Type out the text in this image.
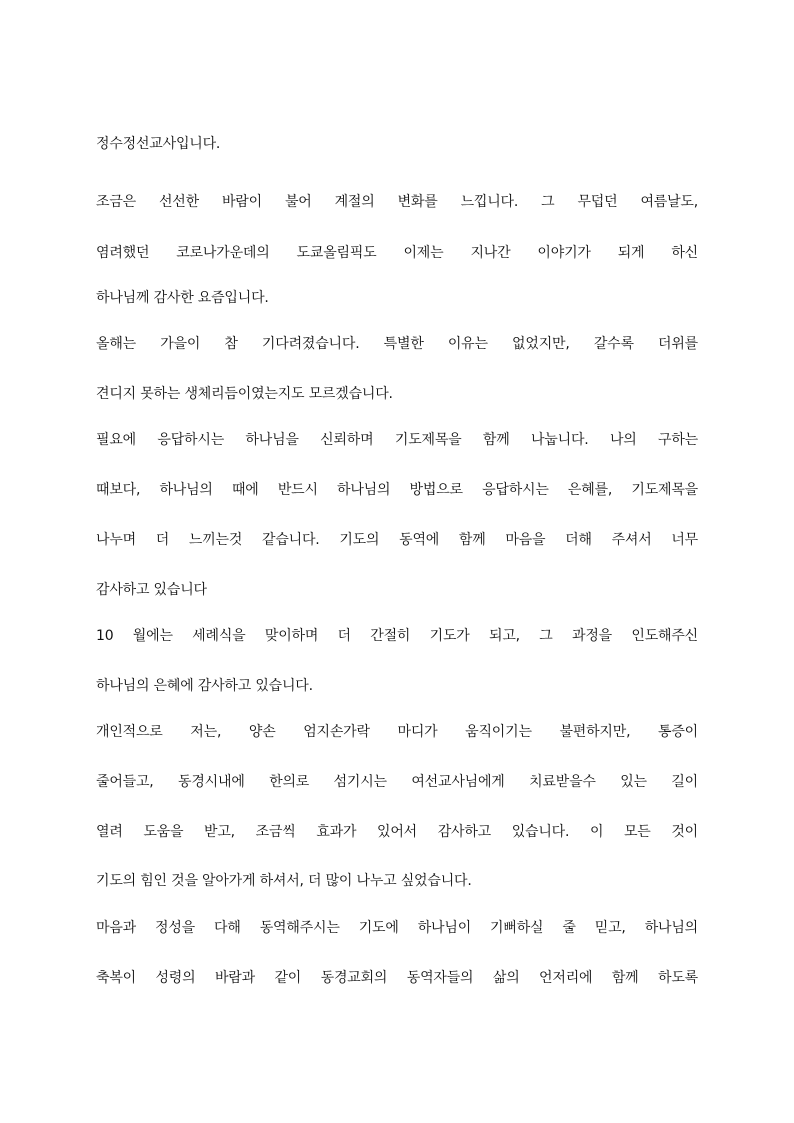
정수정선교사입니다.
조금은 선선한 바람이 불어 계절의 변화를 느낍니다. 그 무덥던 여름날도,
염려했던 코로나가운데의 도쿄올림픽도 이제는 지나간 이야기가 되게 하신
하나님께 감사한 요즘입니다.
올해는 가을이 참 기다려졌습니다. 특별한 이유는 없었지만, 갈수록 더위를
견디지 못하는 생체리듬이였는지도 모르겠습니다.
필요에 응답하시는 하나님을 신뢰하며 기도제목을 함께 나눕니다. 나의 구하는
때보다, 하나님의 때에 반드시 하나님의 방법으로 응답하시는 은혜를, 기도제목을
나누며 더 느끼는것 같습니다. 기도의 동역에 함께 마음을 더해 주셔서 너무
감사하고 있습니다
10 월에는 세례식을 맞이하며 더 간절히 기도가 되고, 그 과정을 인도해주신
하나님의 은혜에 감사하고 있습니다.
개인적으로 저는, 양손 엄지손가락 마디가 움직이기는 불편하지만, 통증이
줄어들고, 동경시내에 한의로 섬기시는 여선교사님에게 치료받을수 있는 길이
열려 도움을 받고, 조금씩 효과가 있어서 감사하고 있습니다. 이 모든 것이
기도의 힘인 것을 알아가게 하셔서, 더 많이 나누고 싶었습니다.
마음과 정성을 다해 동역해주시는 기도에 하나님이 기뻐하실 줄 믿고, 하나님의
축복이 성령의 바람과 같이 동경교회의 동역자들의 삶의 언저리에 함께 하도록
